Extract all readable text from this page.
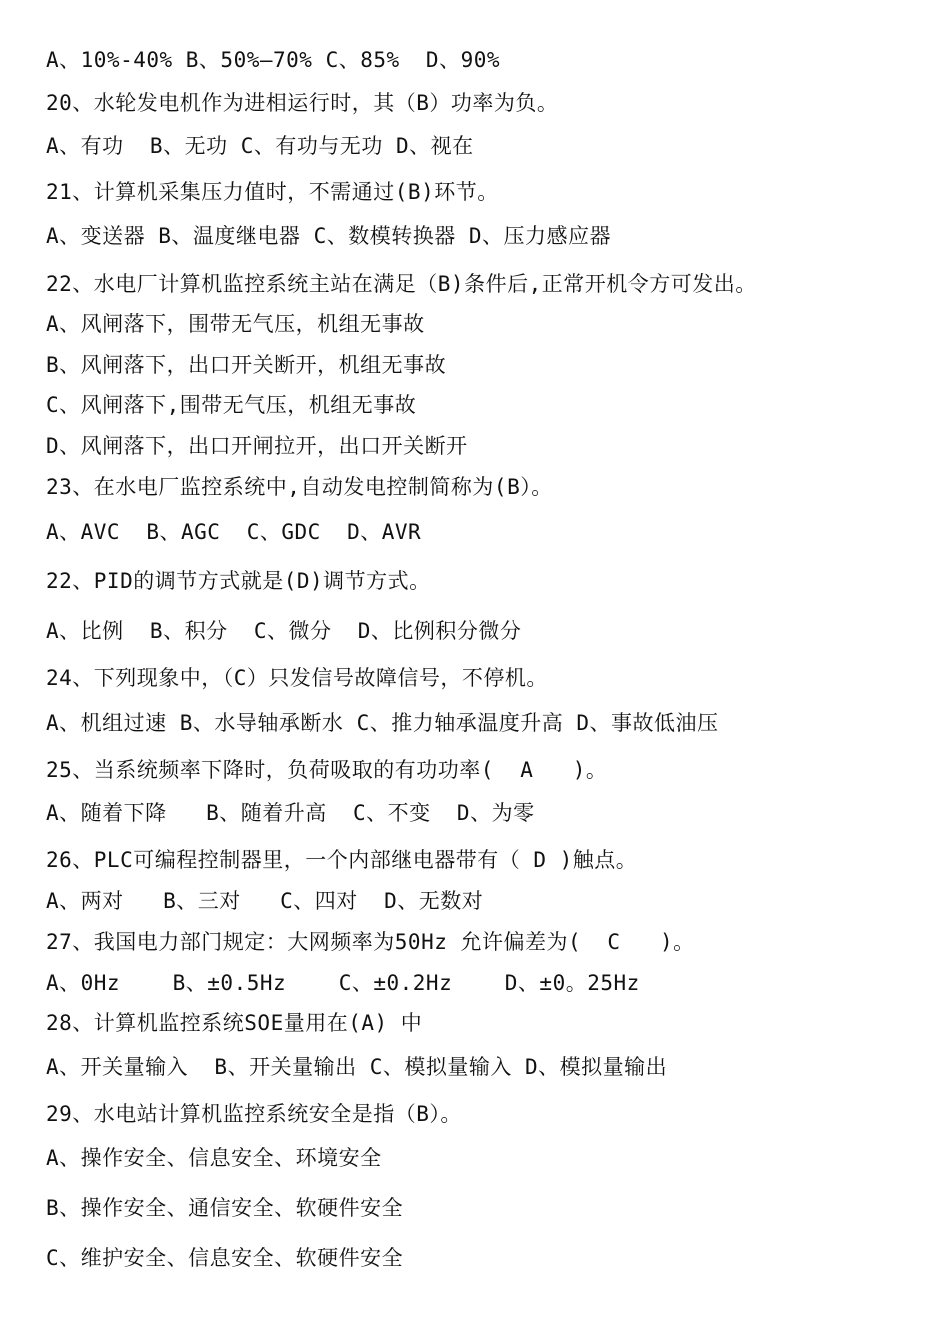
A、10%-40% B、50%—70% C、85%  D、90%
20、水轮发电机作为进相运行时，其（B）功率为负。
A、有功  B、无功 C、有功与无功 D、视在
21、计算机采集压力值时，不需通过(B)环节。
A、变送器 B、温度继电器 C、数模转换器 D、压力感应器
22、水电厂计算机监控系统主站在满足（B)条件后,正常开机令方可发出。
A、风闸落下，围带无气压，机组无事故
B、风闸落下，出口开关断开，机组无事故
C、风闸落下,围带无气压，机组无事故
D、风闸落下，出口开闸拉开，出口开关断开
23、在水电厂监控系统中,自动发电控制简称为(B）。
A、AVC  B、AGC  C、GDC  D、AVR
22、PID的调节方式就是(D)调节方式。
A、比例  B、积分  C、微分  D、比例积分微分
24、下列现象中，（C）只发信号故障信号，不停机。
A、机组过速 B、水导轴承断水 C、推力轴承温度升高 D、事故低油压
25、当系统频率下降时，负荷吸取的有功功率(  A   )。
A、随着下降   B、随着升高  C、不变  D、为零
26、PLC可编程控制器里，一个内部继电器带有（ D )触点。
A、两对   B、三对   C、四对  D、无数对
27、我国电力部门规定：大网频率为50Hz 允许偏差为(  C   )。
A、0Hz    B、±0.5Hz    C、±0.2Hz    D、±0。25Hz
28、计算机监控系统SOE量用在(A) 中
A、开关量输入  B、开关量输出 C、模拟量输入 D、模拟量输出
29、水电站计算机监控系统安全是指（B）。
A、操作安全、信息安全、环境安全
B、操作安全、通信安全、软硬件安全
C、维护安全、信息安全、软硬件安全
